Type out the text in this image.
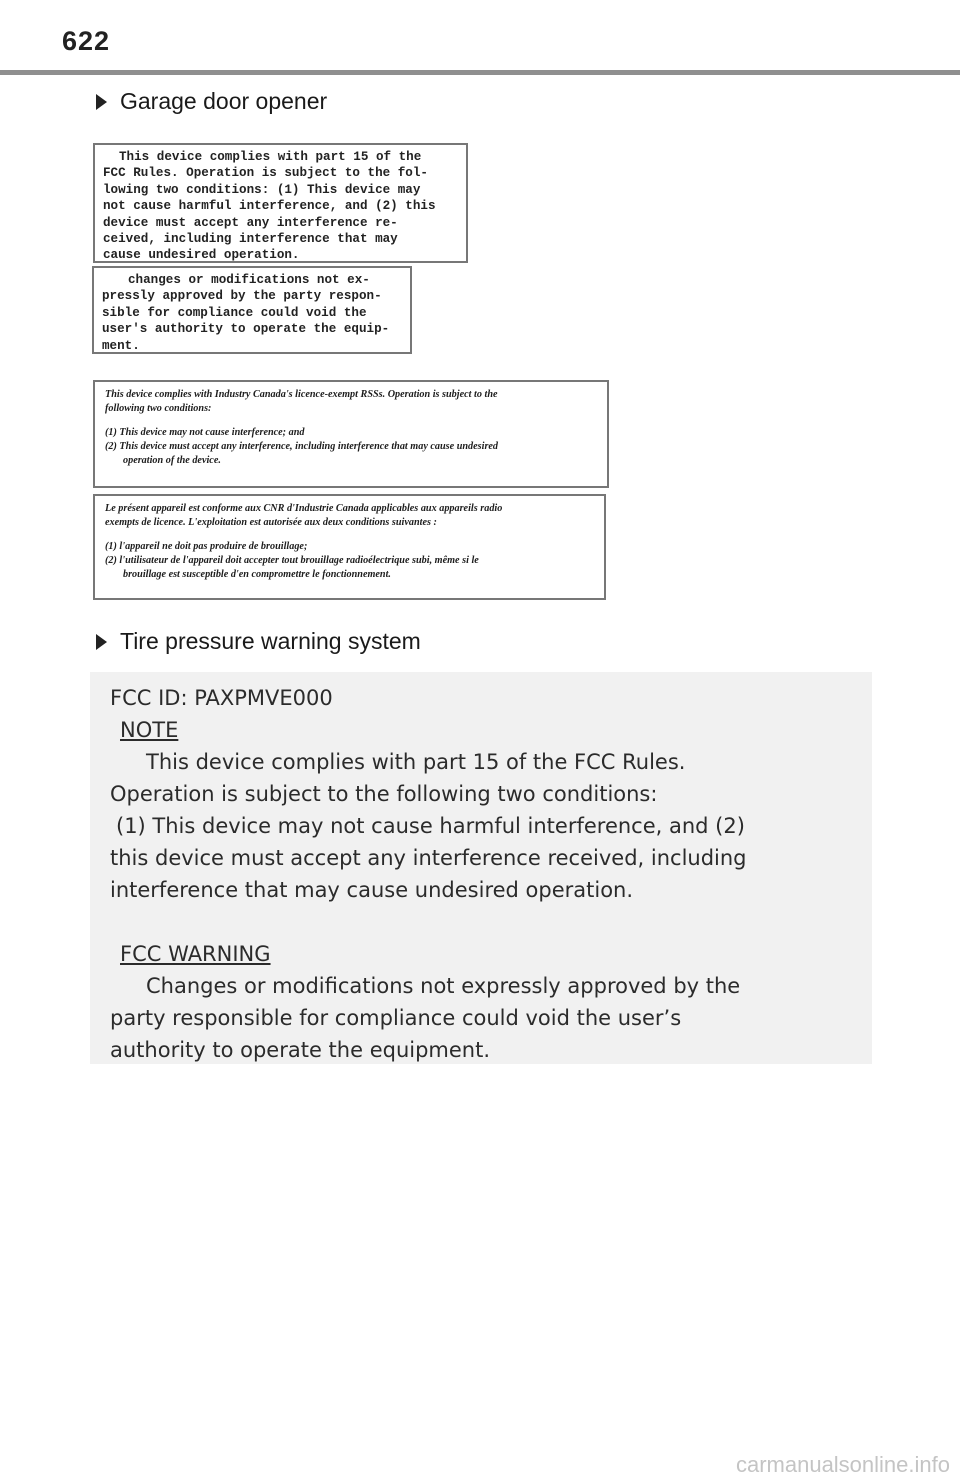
622
Garage door opener

This device complies with part 15 of the

FCC Rules. Operation is subject to the fol-

lowing two conditions: (1) This device may

not cause harmful interference, and (2) this

device must accept any interference re-

ceived, including interference that may

cause undesired operation.

changes or modifications not ex-

pressly approved by the party respon-

sible for compliance could void the

user's authority to operate the equip-

ment.

This device complies with Industry Canada's licence-exempt RSSs. Operation is subject to the

following two conditions:

(1) This device may not cause interference; and

(2) This device must accept any interference, including interference that may cause undesired

operation of the device.

Le présent appareil est conforme aux CNR d'Industrie Canada applicables aux appareils radio

exempts de licence. L'exploitation est autorisée aux deux conditions suivantes :

(1) l'appareil ne doit pas produire de brouillage;

(2) l'utilisateur de l'appareil doit accepter tout brouillage radioélectrique subi, même si le

brouillage est susceptible d'en compromettre le fonctionnement.

Tire pressure warning system

FCC ID: PAXPMVE000

NOTE

This device complies with part 15 of the FCC Rules.

Operation is subject to the following two conditions:

(1) This device may not cause harmful interference, and (2)

this device must accept any interference received, including

interference that may cause undesired operation.

FCC WARNING

Changes or modifications not expressly approved by the

party responsible for compliance could void the user’s

authority to operate the equipment.

carmanualsonline.info
